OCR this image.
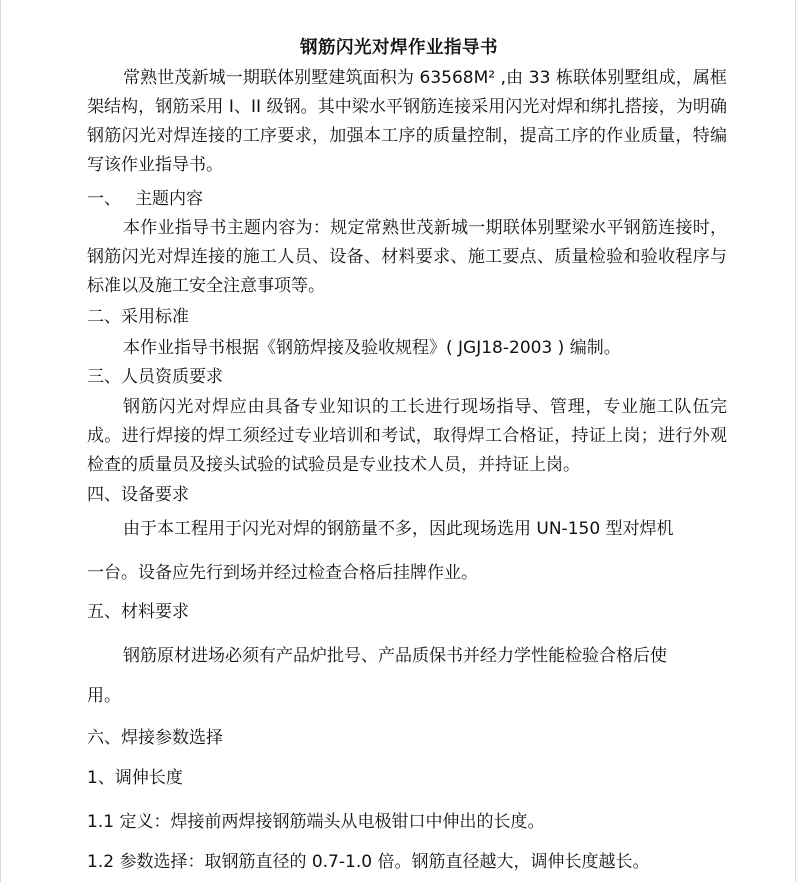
钢筋闪光对焊作业指导书

常熟世茂新城一期联体别墅建筑面积为 63568M² ,由 33 栋联体别墅组成，属框架结构，钢筋采用 I、II 级钢。其中梁水平钢筋连接采用闪光对焊和绑扎搭接，为明确钢筋闪光对焊连接的工序要求，加强本工序的质量控制，提高工序的作业质量，特编写该作业指导书。

一、 主题内容

本作业指导书主题内容为：规定常熟世茂新城一期联体别墅梁水平钢筋连接时，钢筋闪光对焊连接的施工人员、设备、材料要求、施工要点、质量检验和验收程序与标准以及施工安全注意事项等。

二、采用标准
本作业指导书根据《钢筋焊接及验收规程》( JGJ18-2003 ) 编制。
三、人员资质要求

钢筋闪光对焊应由具备专业知识的工长进行现场指导、管理，专业施工队伍完成。进行焊接的焊工须经过专业培训和考试，取得焊工合格证，持证上岗；进行外观检查的质量员及接头试验的试验员是专业技术人员，并持证上岗。

四、设备要求
由于本工程用于闪光对焊的钢筋量不多，因此现场选用 UN-150 型对焊机
一台。设备应先行到场并经过检查合格后挂牌作业。
五、材料要求
钢筋原材进场必须有产品炉批号、产品质保书并经力学性能检验合格后使
用。
六、焊接参数选择
1、调伸长度
1.1 定义：焊接前两焊接钢筋端头从电极钳口中伸出的长度。
1.2 参数选择：取钢筋直径的 0.7-1.0 倍。钢筋直径越大，调伸长度越长。
